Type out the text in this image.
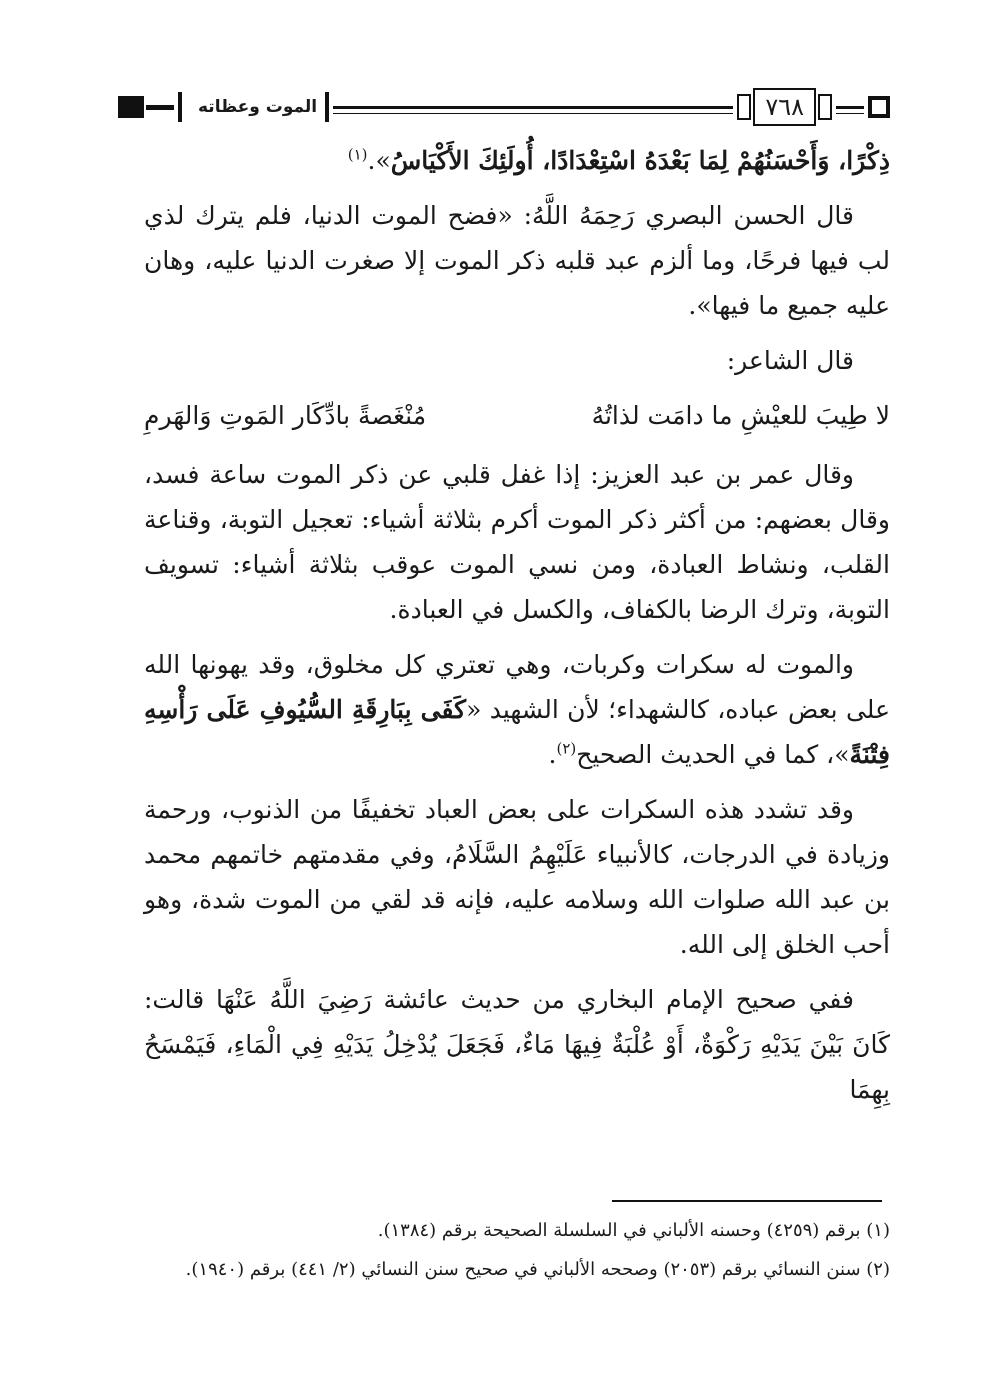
الموت وعظاته	٧٦٨

ذِكْرًا، وَأَحْسَنُهُمْ لِمَا بَعْدَهُ اسْتِعْدَادًا، أُولَئِكَ الأَكْيَاسُ».$^{(١)}$

قال الحسن البصري رَحِمَهُ اللَّهُ: «فضح الموت الدنيا، فلم يترك لذي لب فيها فرحًا، وما ألزم عبد قلبه ذكر الموت إلا صغرت الدنيا عليه، وهان عليه جميع ما فيها».

قال الشاعر:

لا طِيبَ للعيْشِ ما دامَت لذاتُهُ
مُنْغَصةً بادِّكَار المَوتِ وَالهَرمِ

وقال عمر بن عبد العزيز: إذا غفل قلبي عن ذكر الموت ساعة فسد، وقال بعضهم: من أكثر ذكر الموت أكرم بثلاثة أشياء: تعجيل التوبة، وقناعة القلب، ونشاط العبادة، ومن نسي الموت عوقب بثلاثة أشياء: تسويف التوبة، وترك الرضا بالكفاف، والكسل في العبادة.

والموت له سكرات وكربات، وهي تعتري كل مخلوق، وقد يهونها الله على بعض عباده، كالشهداء؛ لأن الشهيد «كَفَى بِبَارِقَةِ السُّيُوفِ عَلَى رَأْسِهِ فِتْنَةً»، كما في الحديث الصحيح$^{(٢)}$.

وقد تشدد هذه السكرات على بعض العباد تخفيفًا من الذنوب، ورحمة وزيادة في الدرجات، كالأنبياء عَلَيْهِمُ السَّلَامُ، وفي مقدمتهم خاتمهم محمد بن عبد الله صلوات الله وسلامه عليه، فإنه قد لقي من الموت شدة، وهو أحب الخلق إلى الله.

ففي صحيح الإمام البخاري من حديث عائشة رَضِيَ اللَّهُ عَنْهَا قالت: كَانَ بَيْنَ يَدَيْهِ رَكْوَةٌ، أَوْ عُلْبَةٌ فِيهَا مَاءٌ، فَجَعَلَ يُدْخِلُ يَدَيْهِ فِي الْمَاءِ، فَيَمْسَحُ بِهِمَا

(١) برقم (٤٢٥٩) وحسنه الألباني في السلسلة الصحيحة برقم (١٣٨٤).

(٢) سنن النسائي برقم (٢٠٥٣) وصححه الألباني في صحيح سنن النسائي (٢/ ٤٤١) برقم (١٩٤٠).
